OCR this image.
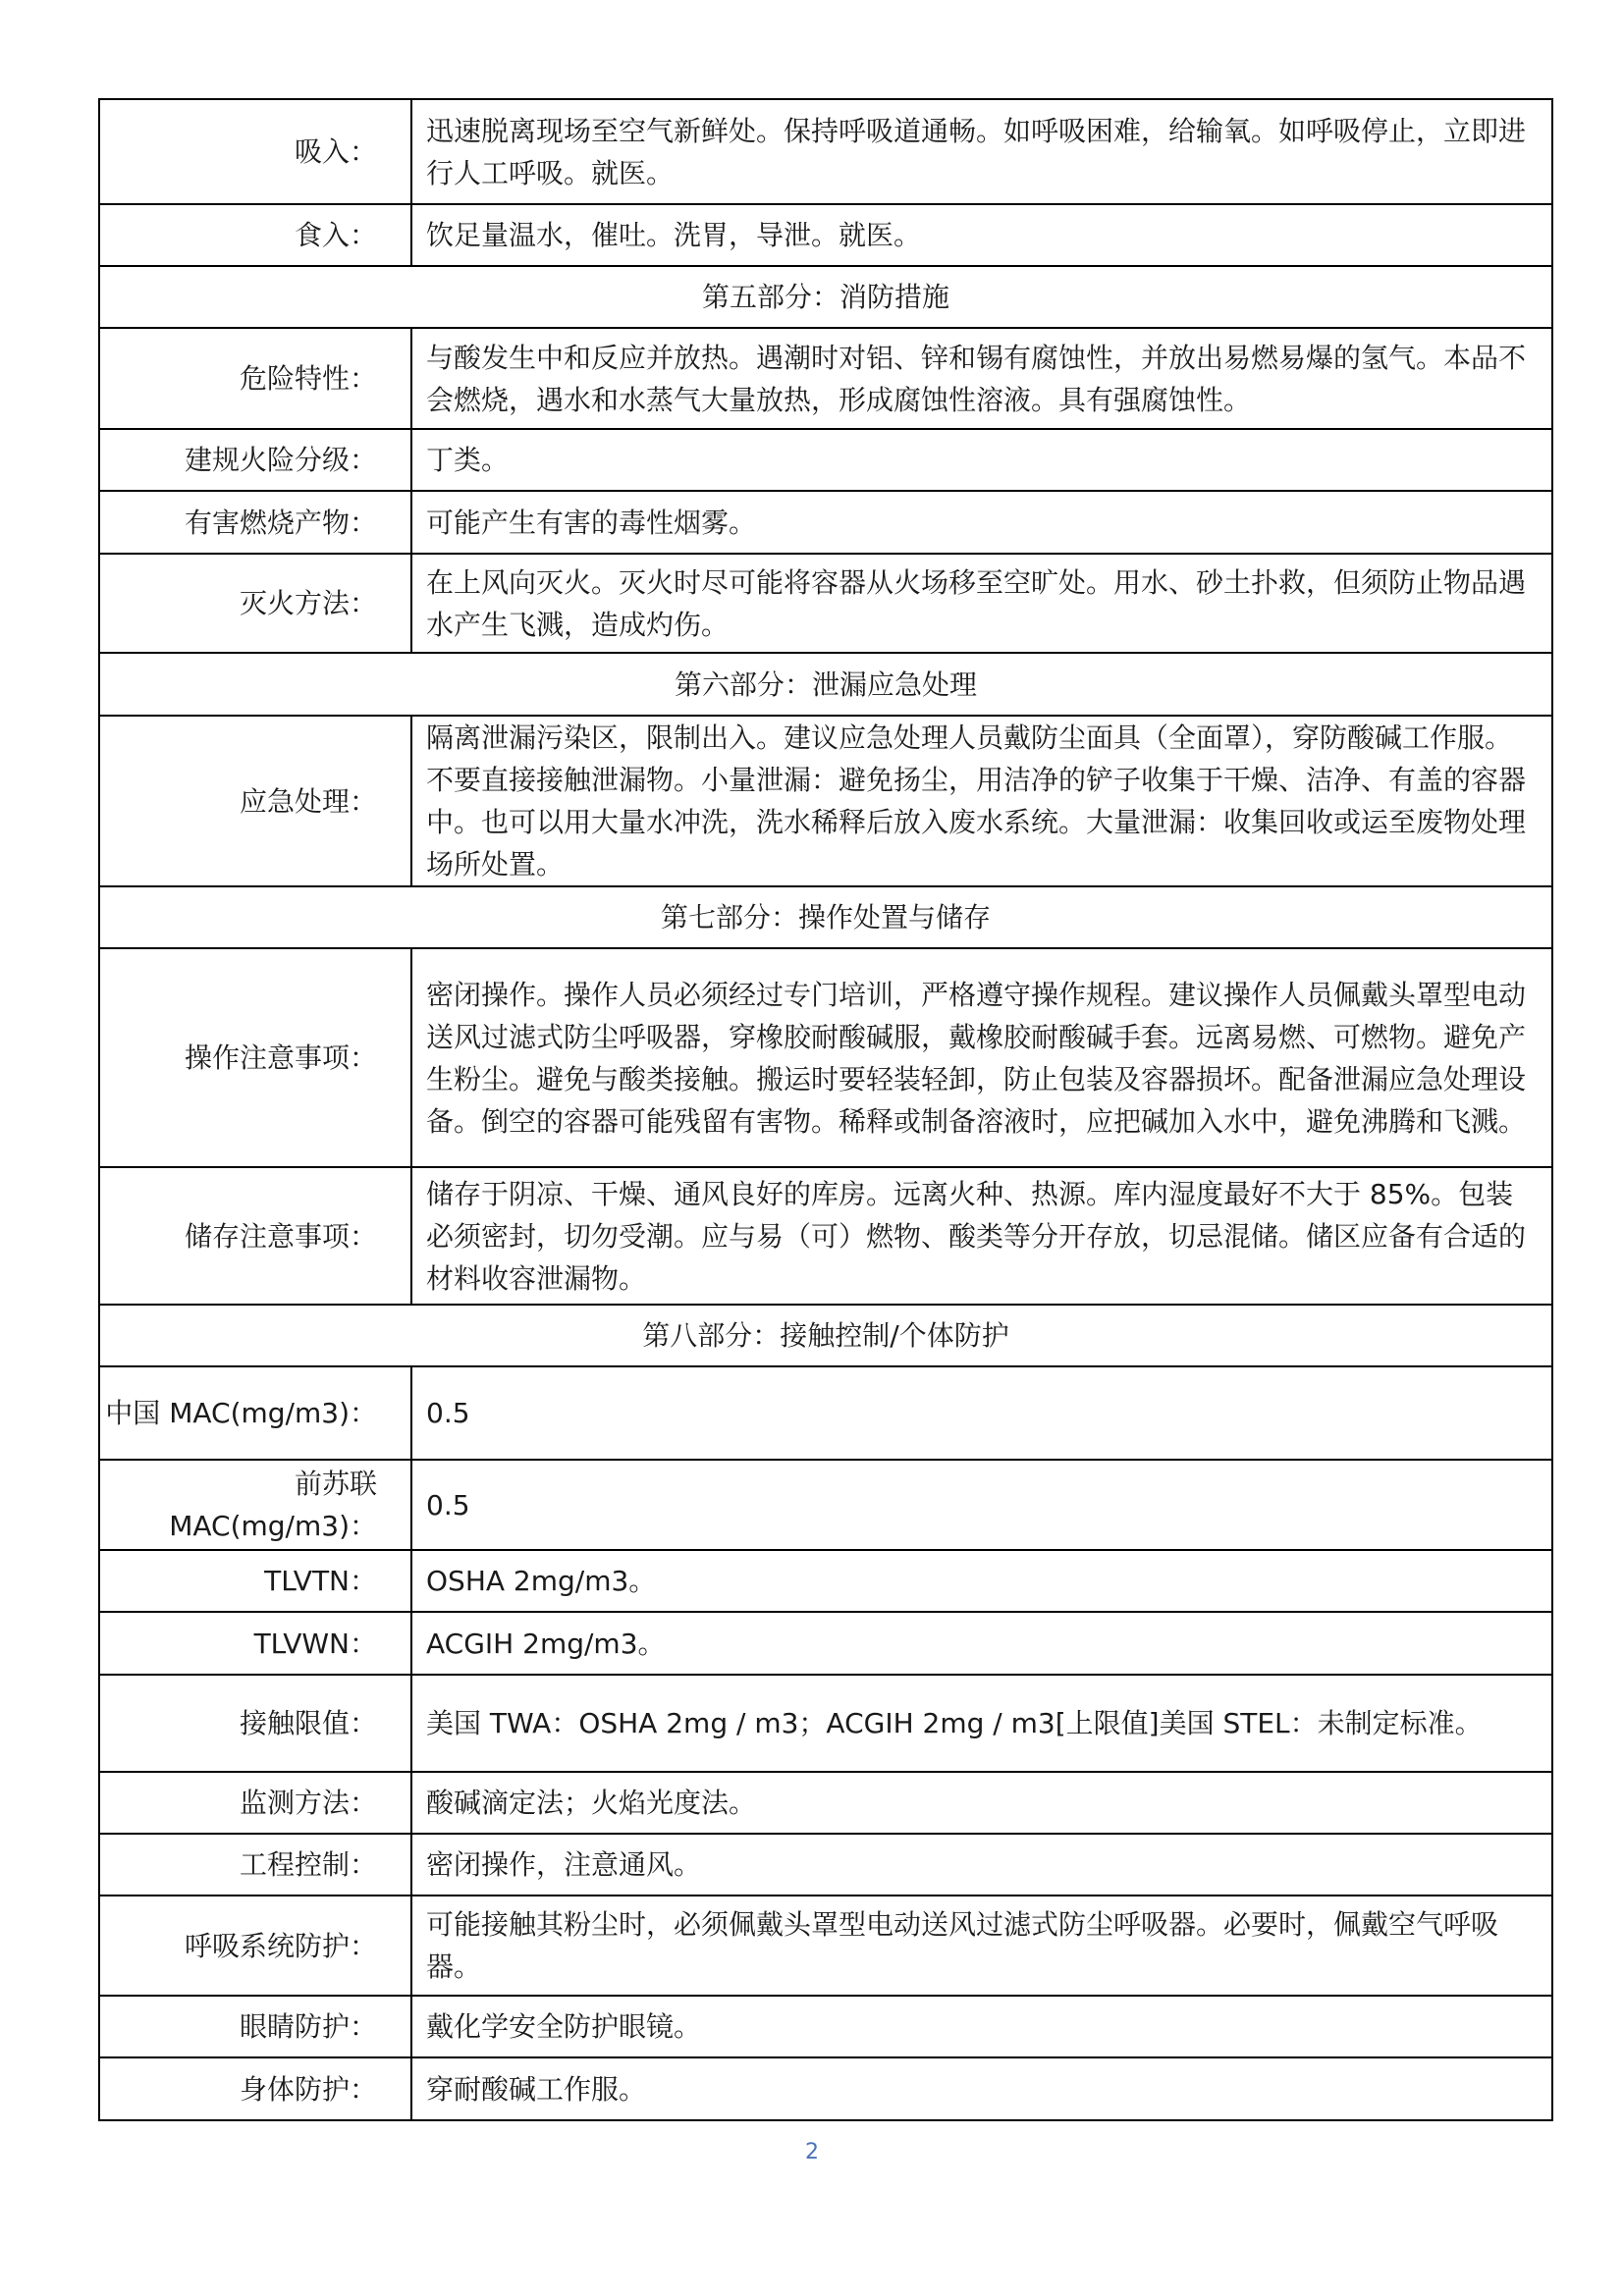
吸入：	迅速脱离现场至空气新鲜处。保持呼吸道通畅。如呼吸困难，给输氧。如呼吸停止，立即进行人工呼吸。就医。
食入：	饮足量温水，催吐。洗胃，导泄。就医。
第五部分：消防措施	
危险特性：	与酸发生中和反应并放热。遇潮时对铝、锌和锡有腐蚀性，并放出易燃易爆的氢气。本品不会燃烧，遇水和水蒸气大量放热，形成腐蚀性溶液。具有强腐蚀性。
建规火险分级：	丁类。
有害燃烧产物：	可能产生有害的毒性烟雾。
灭火方法：	在上风向灭火。灭火时尽可能将容器从火场移至空旷处。用水、砂土扑救，但须防止物品遇水产生飞溅，造成灼伤。
第六部分：泄漏应急处理	
应急处理：	隔离泄漏污染区，限制出入。建议应急处理人员戴防尘面具（全面罩），穿防酸碱工作服。不要直接接触泄漏物。小量泄漏：避免扬尘，用洁净的铲子收集于干燥、洁净、有盖的容器中。也可以用大量水冲洗，洗水稀释后放入废水系统。大量泄漏：收集回收或运至废物处理场所处置。
第七部分：操作处置与储存	
操作注意事项：	密闭操作。操作人员必须经过专门培训，严格遵守操作规程。建议操作人员佩戴头罩型电动送风过滤式防尘呼吸器，穿橡胶耐酸碱服，戴橡胶耐酸碱手套。远离易燃、可燃物。避免产生粉尘。避免与酸类接触。搬运时要轻装轻卸，防止包装及容器损坏。配备泄漏应急处理设备。倒空的容器可能残留有害物。稀释或制备溶液时，应把碱加入水中，避免沸腾和飞溅。
储存注意事项：	储存于阴凉、干燥、通风良好的库房。远离火种、热源。库内湿度最好不大于 85%。包装必须密封，切勿受潮。应与易（可）燃物、酸类等分开存放，切忌混储。储区应备有合适的材料收容泄漏物。
第八部分：接触控制/个体防护	
中国 MAC(mg/m3)：	0.5
前苏联 MAC(mg/m3)：	0.5
TLVTN：	OSHA 2mg/m3。
TLVWN：	ACGIH 2mg/m3。
接触限值：	美国 TWA：OSHA 2mg / m3；ACGIH 2mg / m3[上限值]美国 STEL：未制定标准。
监测方法：	酸碱滴定法；火焰光度法。
工程控制：	密闭操作，注意通风。
呼吸系统防护：	可能接触其粉尘时，必须佩戴头罩型电动送风过滤式防尘呼吸器。必要时，佩戴空气呼吸器。
眼睛防护：	戴化学安全防护眼镜。
身体防护：	穿耐酸碱工作服。
2
